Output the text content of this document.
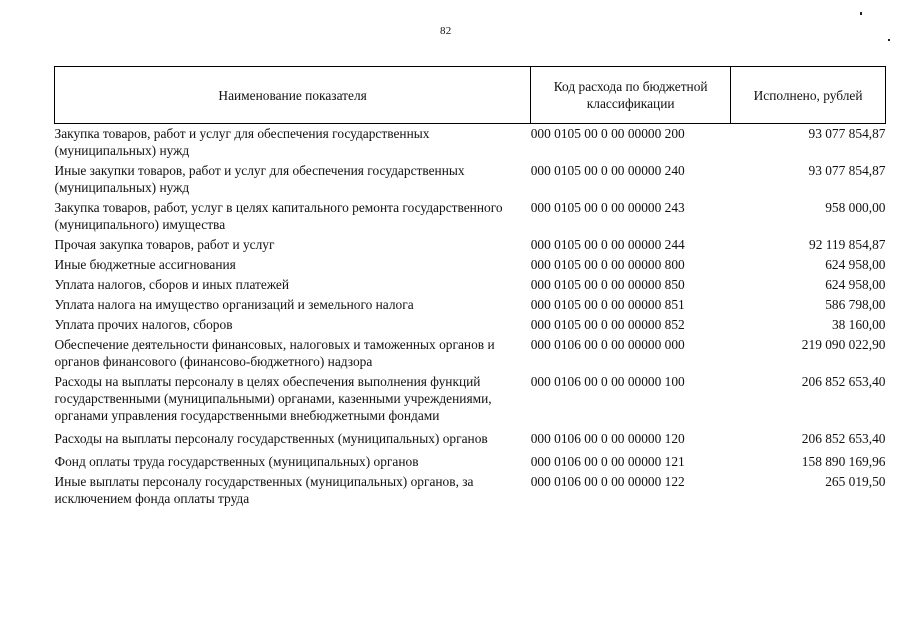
82
Наименование показателя	Код расхода по бюджетной классификации	Исполнено, рублей
Закупка товаров, работ и услуг для обеспечения государственных (муниципальных) нужд	000 0105 00 0 00 00000 200	93 077 854,87
Иные закупки товаров, работ и услуг для обеспечения государственных (муниципальных) нужд	000 0105 00 0 00 00000 240	93 077 854,87
Закупка товаров, работ, услуг в целях капитального ремонта государственного (муниципального) имущества	000 0105 00 0 00 00000 243	958 000,00
Прочая закупка товаров, работ и услуг	000 0105 00 0 00 00000 244	92 119 854,87
Иные бюджетные ассигнования	000 0105 00 0 00 00000 800	624 958,00
Уплата налогов, сборов и иных платежей	000 0105 00 0 00 00000 850	624 958,00
Уплата налога на имущество организаций и земельного налога	000 0105 00 0 00 00000 851	586 798,00
Уплата прочих налогов, сборов	000 0105 00 0 00 00000 852	38 160,00
Обеспечение деятельности финансовых, налоговых и таможенных органов и органов финансового (финансово-бюджетного) надзора	000 0106 00 0 00 00000 000	219 090 022,90
Расходы на выплаты персоналу в целях обеспечения выполнения функций государственными (муниципальными) органами, казенными учреждениями, органами управления государственными внебюджетными фондами	000 0106 00 0 00 00000 100	206 852 653,40
Расходы на выплаты персоналу государственных (муниципальных) органов	000 0106 00 0 00 00000 120	206 852 653,40
Фонд оплаты труда государственных (муниципальных) органов	000 0106 00 0 00 00000 121	158 890 169,96
Иные выплаты персоналу государственных (муниципальных) органов, за исключением фонда оплаты труда	000 0106 00 0 00 00000 122	265 019,50
